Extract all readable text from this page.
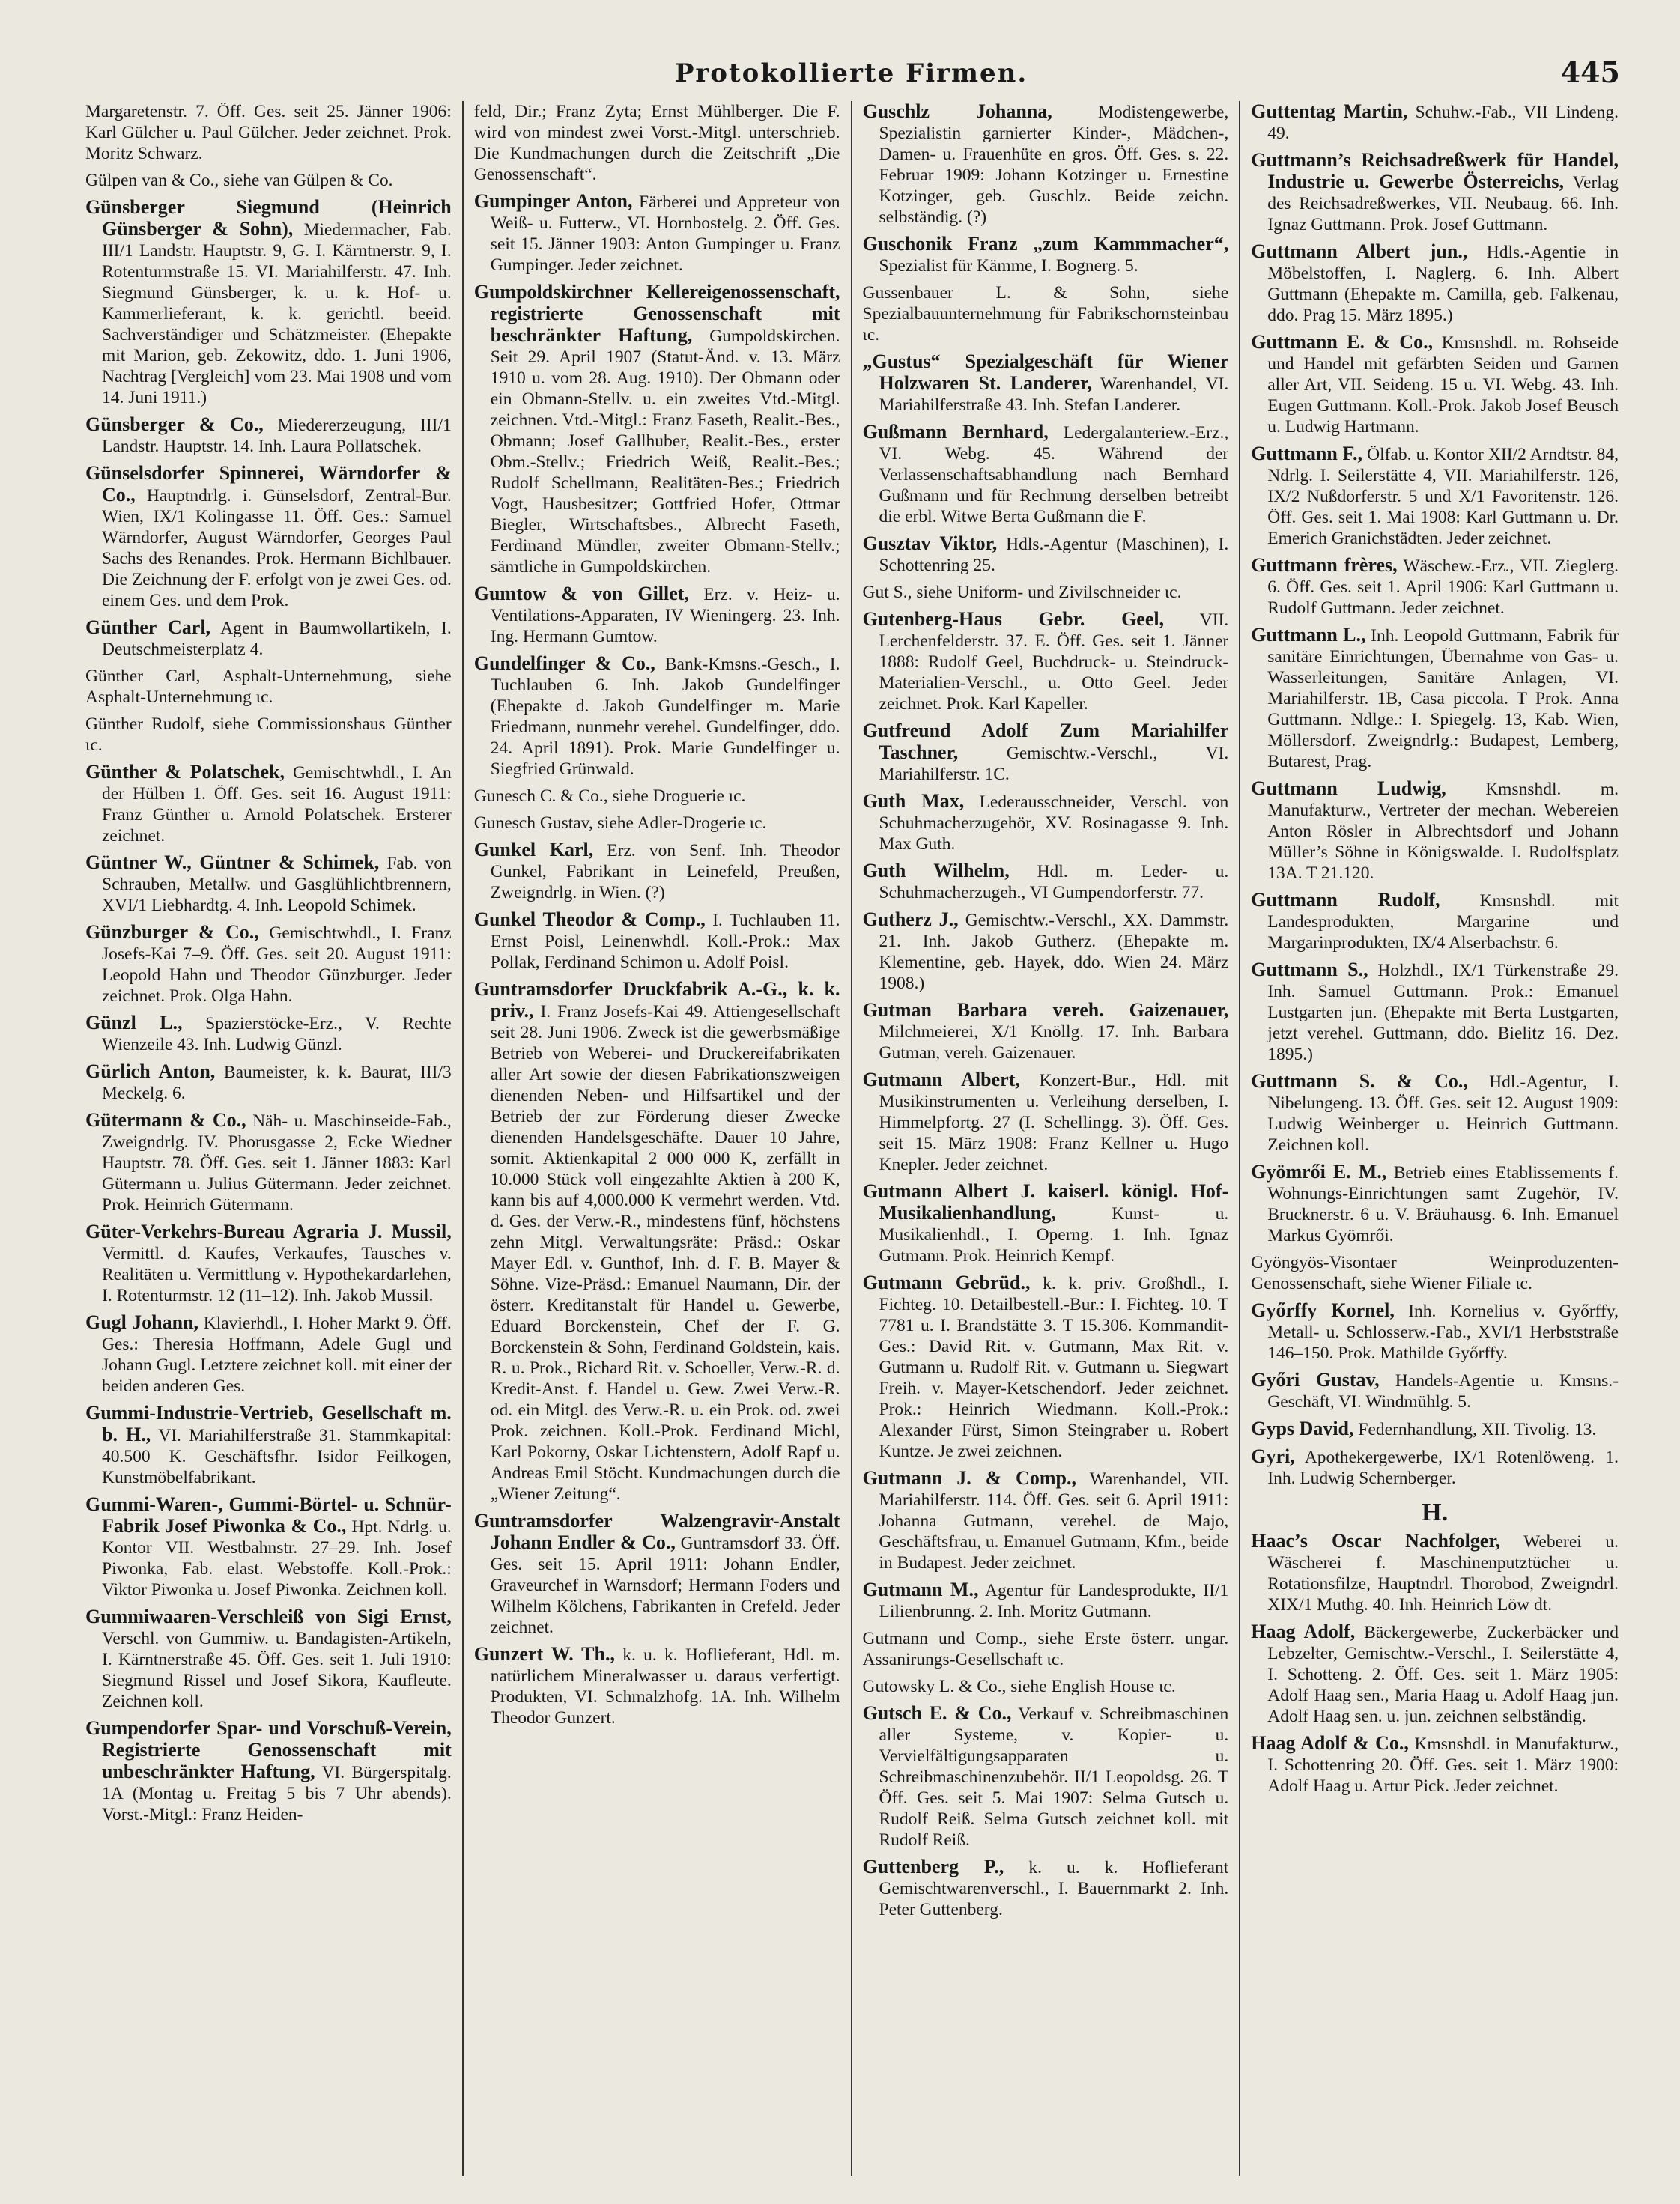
Protokollierte Firmen.	445

Margaretenstr. 7. Öff. Ges. seit 25. Jänner 1906: Karl Gülcher u. Paul Gülcher. Jeder zeichnet. Prok. Moritz Schwarz.

Gülpen van & Co., siehe van Gülpen & Co.

Günsberger Siegmund (Heinrich Günsberger & Sohn), Miedermacher, Fab. III/1 Landstr. Hauptstr. 9, G. I. Kärntnerstr. 9, I. Rotenturmstraße 15. VI. Mariahilferstr. 47. Inh. Siegmund Günsberger, k. u. k. Hof- u. Kammerlieferant, k. k. gerichtl. beeid. Sachverständiger und Schätzmeister. (Ehepakte mit Marion, geb. Zekowitz, ddo. 1. Juni 1906, Nachtrag [Vergleich] vom 23. Mai 1908 und vom 14. Juni 1911.)

Günsberger & Co., Miedererzeugung, III/1 Landstr. Hauptstr. 14. Inh. Laura Pollatschek.

Günselsdorfer Spinnerei, Wärndorfer & Co., Hauptndrlg. i. Günselsdorf, Zentral-Bur. Wien, IX/1 Kolingasse 11. Öff. Ges.: Samuel Wärndorfer, August Wärndorfer, Georges Paul Sachs des Renandes. Prok. Hermann Bichlbauer. Die Zeichnung der F. erfolgt von je zwei Ges. od. einem Ges. und dem Prok.

Günther Carl, Agent in Baumwollartikeln, I. Deutschmeisterplatz 4.

Günther Carl, Asphalt-Unternehmung, siehe Asphalt-Unternehmung ɩc.

Günther Rudolf, siehe Commissionshaus Günther ɩc.

Günther & Polatschek, Gemischtwhdl., I. An der Hülben 1. Öff. Ges. seit 16. August 1911: Franz Günther u. Arnold Polatschek. Ersterer zeichnet.

Güntner W., Güntner & Schimek, Fab. von Schrauben, Metallw. und Gasglühlichtbrennern, XVI/1 Liebhardtg. 4. Inh. Leopold Schimek.

Günzburger & Co., Gemischtwhdl., I. Franz Josefs-Kai 7–9. Öff. Ges. seit 20. August 1911: Leopold Hahn und Theodor Günzburger. Jeder zeichnet. Prok. Olga Hahn.

Günzl L., Spazierstöcke-Erz., V. Rechte Wienzeile 43. Inh. Ludwig Günzl.

Gürlich Anton, Baumeister, k. k. Baurat, III/3 Meckelg. 6.

Gütermann & Co., Näh- u. Maschinseide-Fab., Zweigndrlg. IV. Phorusgasse 2, Ecke Wiedner Hauptstr. 78. Öff. Ges. seit 1. Jänner 1883: Karl Gütermann u. Julius Gütermann. Jeder zeichnet. Prok. Heinrich Gütermann.

Güter-Verkehrs-Bureau Agraria J. Mussil, Vermittl. d. Kaufes, Verkaufes, Tausches v. Realitäten u. Vermittlung v. Hypothekardarlehen, I. Rotenturmstr. 12 (11–12). Inh. Jakob Mussil.

Gugl Johann, Klavierhdl., I. Hoher Markt 9. Öff. Ges.: Theresia Hoffmann, Adele Gugl und Johann Gugl. Letztere zeichnet koll. mit einer der beiden anderen Ges.

Gummi-Industrie-Vertrieb, Gesellschaft m. b. H., VI. Mariahilferstraße 31. Stammkapital: 40.500 K. Geschäftsfhr. Isidor Feilkogen, Kunstmöbelfabrikant.

Gummi-Waren-, Gummi-Börtel- u. Schnür-Fabrik Josef Piwonka & Co., Hpt. Ndrlg. u. Kontor VII. Westbahnstr. 27–29. Inh. Josef Piwonka, Fab. elast. Webstoffe. Koll.-Prok.: Viktor Piwonka u. Josef Piwonka. Zeichnen koll.

Gummiwaaren-Verschleiß von Sigi Ernst, Verschl. von Gummiw. u. Bandagisten-Artikeln, I. Kärntnerstraße 45. Öff. Ges. seit 1. Juli 1910: Siegmund Rissel und Josef Sikora, Kaufleute. Zeichnen koll.

Gumpendorfer Spar- und Vorschuß-Verein, Registrierte Genossenschaft mit unbeschränkter Haftung, VI. Bürgerspitalg. 1A (Montag u. Freitag 5 bis 7 Uhr abends). Vorst.-Mitgl.: Franz Heiden-

feld, Dir.; Franz Zyta; Ernst Mühlberger. Die F. wird von mindest zwei Vorst.-Mitgl. unterschrieb. Die Kundmachungen durch die Zeitschrift „Die Genossenschaft“.

Gumpinger Anton, Färberei und Appreteur von Weiß- u. Futterw., VI. Hornbostelg. 2. Öff. Ges. seit 15. Jänner 1903: Anton Gumpinger u. Franz Gumpinger. Jeder zeichnet.

Gumpoldskirchner Kellereigenossenschaft, registrierte Genossenschaft mit beschränkter Haftung, Gumpoldskirchen. Seit 29. April 1907 (Statut-Änd. v. 13. März 1910 u. vom 28. Aug. 1910). Der Obmann oder ein Obmann-Stellv. u. ein zweites Vtd.-Mitgl. zeichnen. Vtd.-Mitgl.: Franz Faseth, Realit.-Bes., Obmann; Josef Gallhuber, Realit.-Bes., erster Obm.-Stellv.; Friedrich Weiß, Realit.-Bes.; Rudolf Schellmann, Realitäten-Bes.; Friedrich Vogt, Hausbesitzer; Gottfried Hofer, Ottmar Biegler, Wirtschaftsbes., Albrecht Faseth, Ferdinand Mündler, zweiter Obmann-Stellv.; sämtliche in Gumpoldskirchen.

Gumtow & von Gillet, Erz. v. Heiz- u. Ventilations-Apparaten, IV Wieningerg. 23. Inh. Ing. Hermann Gumtow.

Gundelfinger & Co., Bank-Kmsns.-Gesch., I. Tuchlauben 6. Inh. Jakob Gundelfinger (Ehepakte d. Jakob Gundelfinger m. Marie Friedmann, nunmehr verehel. Gundelfinger, ddo. 24. April 1891). Prok. Marie Gundelfinger u. Siegfried Grünwald.

Gunesch C. & Co., siehe Droguerie ɩc.

Gunesch Gustav, siehe Adler-Drogerie ɩc.

Gunkel Karl, Erz. von Senf. Inh. Theodor Gunkel, Fabrikant in Leinefeld, Preußen, Zweigndrlg. in Wien. (?)

Gunkel Theodor & Comp., I. Tuchlauben 11. Ernst Poisl, Leinenwhdl. Koll.-Prok.: Max Pollak, Ferdinand Schimon u. Adolf Poisl.

Guntramsdorfer Druckfabrik A.-G., k. k. priv., I. Franz Josefs-Kai 49. Attiengesellschaft seit 28. Juni 1906. Zweck ist die gewerbsmäßige Betrieb von Weberei- und Druckereifabrikaten aller Art sowie der diesen Fabrikationszweigen dienenden Neben- und Hilfsartikel und der Betrieb der zur Förderung dieser Zwecke dienenden Handelsgeschäfte. Dauer 10 Jahre, somit. Aktienkapital 2 000 000 K, zerfällt in 10.000 Stück voll eingezahlte Aktien à 200 K, kann bis auf 4,000.000 K vermehrt werden. Vtd. d. Ges. der Verw.-R., mindestens fünf, höchstens zehn Mitgl. Verwaltungsräte: Präsd.: Oskar Mayer Edl. v. Gunthof, Inh. d. F. B. Mayer & Söhne. Vize-Präsd.: Emanuel Naumann, Dir. der österr. Kreditanstalt für Handel u. Gewerbe, Eduard Borckenstein, Chef der F. G. Borckenstein & Sohn, Ferdinand Goldstein, kais. R. u. Prok., Richard Rit. v. Schoeller, Verw.-R. d. Kredit-Anst. f. Handel u. Gew. Zwei Verw.-R. od. ein Mitgl. des Verw.-R. u. ein Prok. od. zwei Prok. zeichnen. Koll.-Prok. Ferdinand Michl, Karl Pokorny, Oskar Lichtenstern, Adolf Rapf u. Andreas Emil Stöcht. Kundmachungen durch die „Wiener Zeitung“.

Guntramsdorfer Walzengravir-Anstalt Johann Endler & Co., Guntramsdorf 33. Öff. Ges. seit 15. April 1911: Johann Endler, Graveurchef in Warnsdorf; Hermann Foders und Wilhelm Kölchens, Fabrikanten in Crefeld. Jeder zeichnet.

Gunzert W. Th., k. u. k. Hoflieferant, Hdl. m. natürlichem Mineralwasser u. daraus verfertigt. Produkten, VI. Schmalzhofg. 1A. Inh. Wilhelm Theodor Gunzert.

Guschlz Johanna,	Modistengewerbe, Spezialistin garnierter Kinder-, Mädchen-, Damen- u. Frauenhüte en gros. Öff. Ges. s. 22. Februar 1909: Johann Kotzinger u. Ernestine Kotzinger, geb. Guschlz. Beide zeichn. selbständig. (?)

Guschonik Franz „zum Kammmacher“, Spezialist für Kämme, I. Bognerg. 5.

Gussenbauer L. & Sohn, siehe Spezialbauunternehmung für Fabrikschornsteinbau ɩc.

„Gustus“ Spezialgeschäft für Wiener Holzwaren St. Landerer, Warenhandel, VI. Mariahilferstraße 43. Inh. Stefan Landerer.

Gußmann Bernhard, Ledergalanteriew.-Erz., VI. Webg. 45. Während der Verlassenschaftsabhandlung nach Bernhard Gußmann und für Rechnung derselben betreibt die erbl. Witwe Berta Gußmann die F.

Gusztav Viktor, Hdls.-Agentur (Maschinen), I. Schottenring 25.

Gut S., siehe Uniform- und Zivilschneider ɩc.

Gutenberg-Haus Gebr. Geel, VII. Lerchenfelderstr. 37. E. Öff. Ges. seit 1. Jänner 1888: Rudolf Geel, Buchdruck- u. Steindruck-Materialien-Verschl., u. Otto Geel. Jeder zeichnet. Prok. Karl Kapeller.

Gutfreund Adolf Zum Mariahilfer Taschner,	Gemischtw.-Verschl., VI. Mariahilferstr. 1C.

Guth Max, Lederausschneider, Verschl. von Schuhmacherzugehör, XV. Rosinagasse 9. Inh. Max Guth.

Guth Wilhelm, Hdl. m. Leder- u. Schuhmacherzugeh., VI Gumpendorferstr. 77.

Gutherz J., Gemischtw.-Verschl., XX. Dammstr. 21. Inh. Jakob Gutherz. (Ehepakte m. Klementine, geb. Hayek, ddo. Wien 24. März 1908.)

Gutman Barbara vereh. Gaizenauer, Milchmeierei, X/1 Knöllg. 17. Inh. Barbara Gutman, vereh. Gaizenauer.

Gutmann Albert, Konzert-Bur., Hdl. mit Musikinstrumenten u. Verleihung derselben, I. Himmelpfortg. 27 (I. Schellingg. 3). Öff. Ges. seit 15. März 1908: Franz Kellner u. Hugo Knepler. Jeder zeichnet.

Gutmann Albert J. kaiserl. königl. Hof-Musikalienhandlung,	Kunst- u. Musikalienhdl., I. Operng. 1. Inh. Ignaz Gutmann. Prok. Heinrich Kempf.

Gutmann Gebrüd., k. k. priv. Großhdl., I. Fichteg. 10. Detailbestell.-Bur.: I. Fichteg. 10. T 7781 u. I. Brandstätte 3. T 15.306. Kommandit-Ges.: David Rit. v. Gutmann, Max Rit. v. Gutmann u. Rudolf Rit. v. Gutmann u. Siegwart Freih. v. Mayer-Ketschendorf. Jeder zeichnet. Prok.: Heinrich Wiedmann. Koll.-Prok.: Alexander Fürst, Simon Steingraber u. Robert Kuntze. Je zwei zeichnen.

Gutmann J. & Comp., Warenhandel, VII. Mariahilferstr. 114. Öff. Ges. seit 6. April 1911: Johanna Gutmann, verehel. de Majo, Geschäftsfrau, u. Emanuel Gutmann, Kfm., beide in Budapest. Jeder zeichnet.

Gutmann M., Agentur für Landesprodukte, II/1 Lilienbrunng. 2. Inh. Moritz Gutmann.

Gutmann und Comp., siehe Erste österr. ungar. Assanirungs-Gesellschaft ɩc.

Gutowsky L. & Co., siehe English House ɩc.

Gutsch E. & Co., Verkauf v. Schreibmaschinen aller Systeme, v. Kopier- u. Vervielfältigungsapparaten u. Schreibmaschinenzubehör. II/1 Leopoldsg. 26. T Öff. Ges. seit 5. Mai 1907: Selma Gutsch u. Rudolf Reiß. Selma Gutsch zeichnet koll. mit Rudolf Reiß.

Guttenberg P., k. u. k. Hoflieferant Gemischtwarenverschl., I. Bauernmarkt 2. Inh. Peter Guttenberg.

Guttentag Martin, Schuhw.-Fab., VII Lindeng. 49.

Guttmann’s Reichsadreßwerk für Handel, Industrie u. Gewerbe Österreichs, Verlag des Reichsadreßwerkes, VII. Neubaug. 66. Inh. Ignaz Guttmann. Prok. Josef Guttmann.

Guttmann Albert jun., Hdls.-Agentie in Möbelstoffen, I. Naglerg. 6. Inh. Albert Guttmann (Ehepakte m. Camilla, geb. Falkenau, ddo. Prag 15. März 1895.)

Guttmann E. & Co., Kmsnshdl. m. Rohseide und Handel mit gefärbten Seiden und Garnen aller Art, VII. Seideng. 15 u. VI. Webg. 43. Inh. Eugen Guttmann. Koll.-Prok. Jakob Josef Beusch u. Ludwig Hartmann.

Guttmann F., Ölfab. u. Kontor XII/2 Arndtstr. 84, Ndrlg. I. Seilerstätte 4, VII. Mariahilferstr. 126, IX/2 Nußdorferstr. 5 und X/1 Favoritenstr. 126. Öff. Ges. seit 1. Mai 1908: Karl Guttmann u. Dr. Emerich Granichstädten. Jeder zeichnet.

Guttmann frères, Wäschew.-Erz., VII. Zieglerg. 6. Öff. Ges. seit 1. April 1906: Karl Guttmann u. Rudolf Guttmann. Jeder zeichnet.

Guttmann L., Inh. Leopold Guttmann, Fabrik für sanitäre Einrichtungen, Übernahme von Gas- u. Wasserleitungen, Sanitäre Anlagen, VI. Mariahilferstr. 1B, Casa piccola. T Prok. Anna Guttmann. Ndlge.: I. Spiegelg. 13, Kab. Wien, Möllersdorf. Zweigndrlg.: Budapest, Lemberg, Butarest, Prag.

Guttmann Ludwig, Kmsnshdl. m. Manufakturw., Vertreter der mechan. Webereien Anton Rösler in Albrechtsdorf und Johann Müller’s Söhne in Königswalde. I. Rudolfsplatz 13A. T 21.120.

Guttmann Rudolf, Kmsnshdl. mit Landesprodukten, Margarine und Margarinprodukten, IX/4 Alserbachstr. 6.

Guttmann S., Holzhdl., IX/1 Türkenstraße 29. Inh. Samuel Guttmann. Prok.: Emanuel Lustgarten jun. (Ehepakte mit Berta Lustgarten, jetzt verehel. Guttmann, ddo. Bielitz 16. Dez. 1895.)

Guttmann S. & Co., Hdl.-Agentur, I. Nibelungeng. 13. Öff. Ges. seit 12. August 1909: Ludwig Weinberger u. Heinrich Guttmann. Zeichnen koll.

Gyömrői E. M., Betrieb eines Etablissements f. Wohnungs-Einrichtungen samt Zugehör, IV. Brucknerstr. 6 u. V. Bräuhausg. 6. Inh. Emanuel Markus Gyömrői.

Gyöngyös-Visontaer Weinproduzenten-Genossenschaft, siehe Wiener Filiale ɩc.

Győrffy Kornel, Inh. Kornelius v. Győrffy, Metall- u. Schlosserw.-Fab., XVI/1 Herbststraße 146–150. Prok. Mathilde Győrffy.

Győri Gustav, Handels-Agentie u. Kmsns.-Geschäft, VI. Windmühlg. 5.

Gyps David, Federnhandlung, XII. Tivolig. 13.

Gyri, Apothekergewerbe, IX/1 Rotenlöweng. 1. Inh. Ludwig Schernberger.

H.

Haac’s Oscar Nachfolger, Weberei u. Wäscherei f. Maschinenputztücher u. Rotationsfilze, Hauptndrl. Thorobod, Zweigndrl. XIX/1 Muthg. 40. Inh. Heinrich Löw dt.

Haag Adolf, Bäckergewerbe, Zuckerbäcker und Lebzelter, Gemischtw.-Verschl., I. Seilerstätte 4, I. Schotteng. 2. Öff. Ges. seit 1. März 1905: Adolf Haag sen., Maria Haag u. Adolf Haag jun. Adolf Haag sen. u. jun. zeichnen selbständig.

Haag Adolf & Co., Kmsnshdl. in Manufakturw., I. Schottenring 20. Öff. Ges. seit 1. März 1900: Adolf Haag u. Artur Pick. Jeder zeichnet.
